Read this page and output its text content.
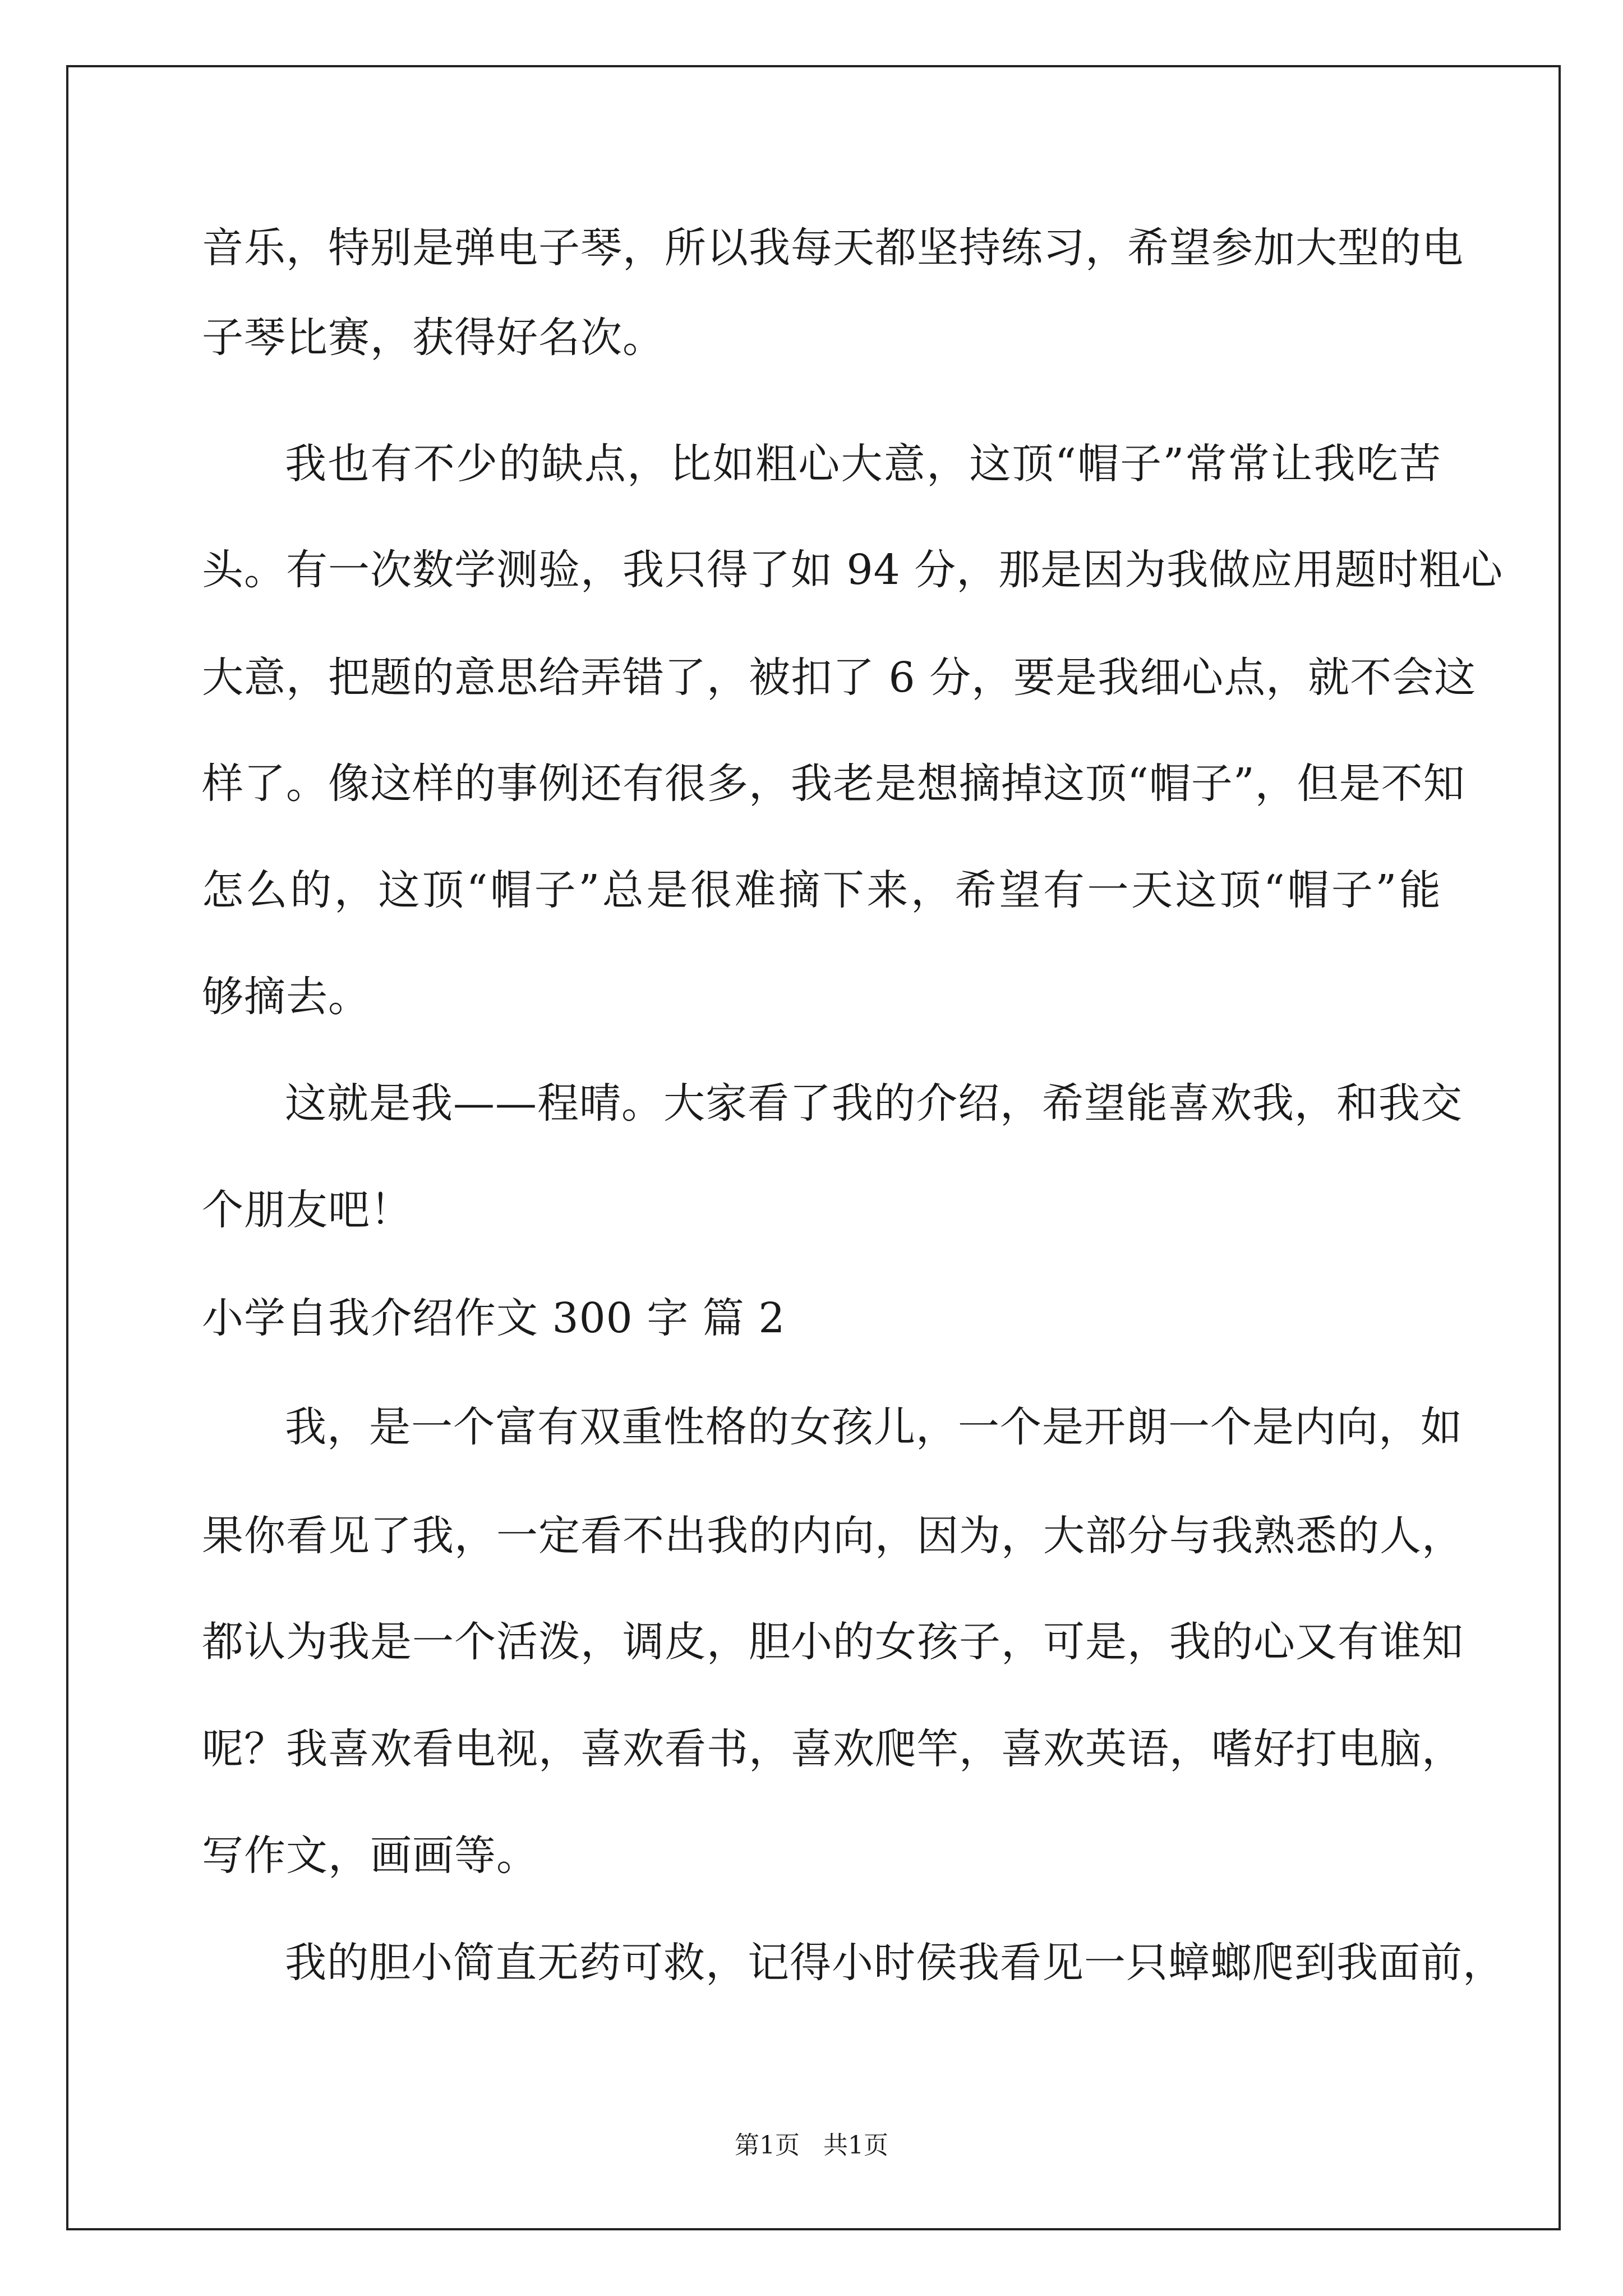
音乐，特别是弹电子琴，所以我每天都坚持练习，希望参加大型的电
子琴比赛，获得好名次。
我也有不少的缺点，比如粗心大意，这顶“帽子”常常让我吃苦
头。有一次数学测验，我只得了如 94 分，那是因为我做应用题时粗心
大意，把题的意思给弄错了，被扣了 6 分，要是我细心点，就不会这
样了。像这样的事例还有很多，我老是想摘掉这顶“帽子”，但是不知
怎么的，这顶“帽子”总是很难摘下来，希望有一天这顶“帽子”能
够摘去。
这就是我——程晴。大家看了我的介绍，希望能喜欢我，和我交
个朋友吧！
小学自我介绍作文 300 字 篇 2
我，是一个富有双重性格的女孩儿，一个是开朗一个是内向，如
果你看见了我，一定看不出我的内向，因为，大部分与我熟悉的人，
都认为我是一个活泼，调皮，胆小的女孩子，可是，我的心又有谁知
呢？我喜欢看电视，喜欢看书，喜欢爬竿，喜欢英语，嗜好打电脑，
写作文，画画等。
我的胆小简直无药可救，记得小时侯我看见一只蟑螂爬到我面前，
第1页   共1页
